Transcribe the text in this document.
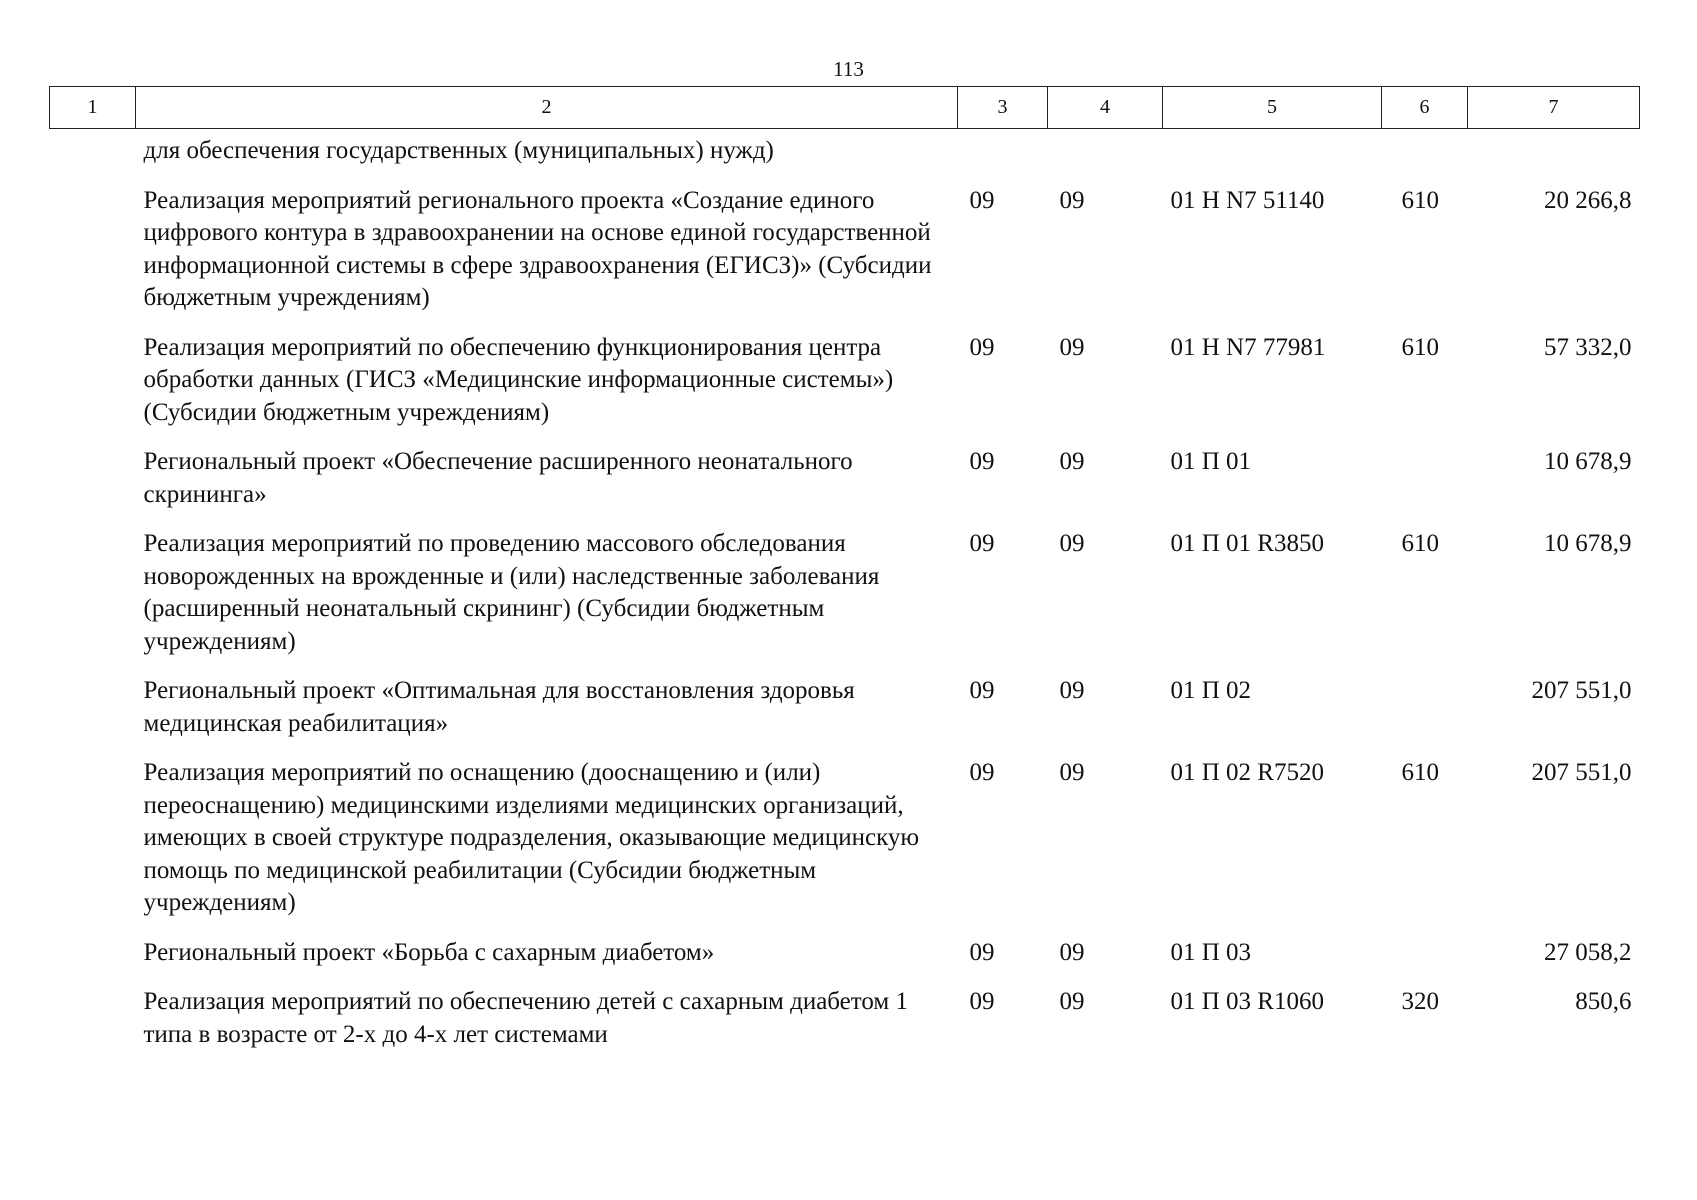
113
1	2	3	4	5	6	7
для обеспечения государственных (муниципальных) нужд)						
Реализация мероприятий регионального проекта «Создание единого цифрового контура в здравоохранении на основе единой государственной информационной системы в сфере здравоохранения (ЕГИСЗ)» (Субсидии бюджетным учреждениям)		09	09	01 Н N7 51140	610	20 266,8
Реализация мероприятий по обеспечению функционирования центра обработки данных (ГИСЗ «Медицинские информационные системы») (Субсидии бюджетным учреждениям)		09	09	01 Н N7 77981	610	57 332,0
Региональный проект «Обеспечение расширенного неонатального скрининга»		09	09	01 П 01		10 678,9
Реализация мероприятий по проведению массового обследования новорожденных на врожденные и (или) наследственные заболевания (расширенный неонатальный скрининг) (Субсидии бюджетным учреждениям)		09	09	01 П 01 R3850	610	10 678,9
Региональный проект «Оптимальная для восстановления здоровья медицинская реабилитация»		09	09	01 П 02		207 551,0
Реализация мероприятий по оснащению (дооснащению и (или) переоснащению) медицинскими изделиями медицинских организаций, имеющих в своей структуре подразделения, оказывающие медицинскую помощь по медицинской реабилитации (Субсидии бюджетным учреждениям)		09	09	01 П 02 R7520	610	207 551,0
Региональный проект «Борьба с сахарным диабетом»		09	09	01 П 03		27 058,2
Реализация мероприятий по обеспечению детей с сахарным диабетом 1 типа в возрасте от 2-х до 4-х лет системами		09	09	01 П 03 R1060	320	850,6
